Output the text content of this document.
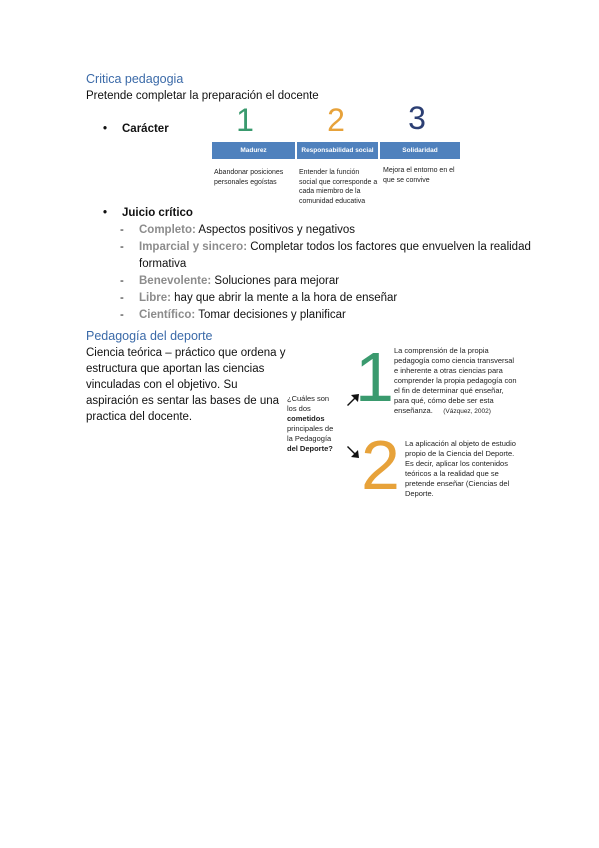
Critica pedagogia
Pretende completar la preparación el docente
• Carácter	1
Madurez
Abandonar posiciones personales egoístas
2
Responsabilidad social
Entender la función social que corresponde a cada miembro de la comunidad educativa
3
Solidaridad
Mejora el entorno en el que se convive
• Juicio crítico
- Completo: Aspectos positivos y negativos
- Imparcial y sincero: Completar todos los factores que envuelven la realidad
formativa
- Benevolente: Soluciones para mejorar
- Libre: hay que abrir la mente a la hora de enseñar
- Científico: Tomar decisiones y planificar
Pedagogía del deporte
Ciencia teórica – práctico que ordena y
estructura que aportan las ciencias
vinculadas con el objetivo. Su
aspiración es sentar las bases de una
practica del docente.
¿Cuáles son
los dos
cometidos
principales de
la Pedagogía
del Deporte?
1 La comprensión de la propia
pedagogía como ciencia transversal
e inherente a otras ciencias para
comprender la propia pedagogía con
el fin de determinar qué enseñar,
para qué, cómo debe ser esta
enseñanza. (Vázquez, 2002)
2 La aplicación al objeto de estudio
propio de la Ciencia del Deporte.
Es decir, aplicar los contenidos
teóricos a la realidad que se
pretende enseñar (Ciencias del
Deporte.
